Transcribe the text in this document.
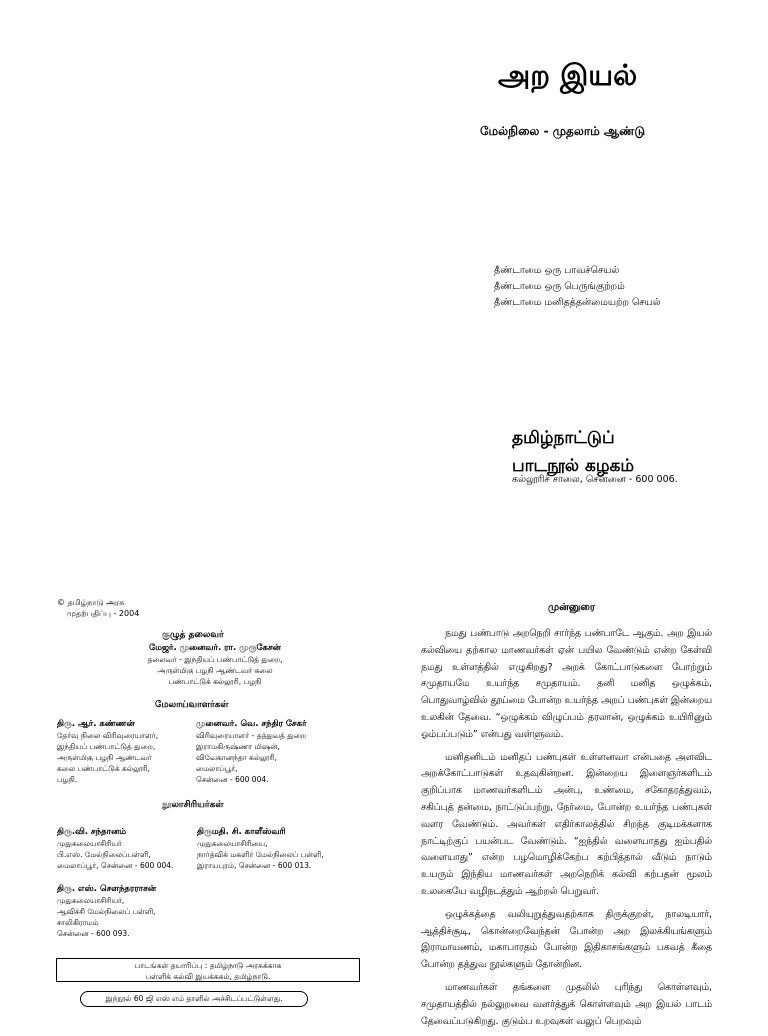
அற இயல்
மேல்நிலை - முதலாம் ஆண்டு
தீண்டாமை ஒரு பாவச்செயல்
தீண்டாமை ஒரு பெருங்குற்றம்
தீண்டாமை மனிதத்தன்மையற்ற செயல்
தமிழ்நாட்டுப்
பாடநூல் கழகம்
கல்லூரிச் சாலை, சென்னை - 600 006.
© தமிழ்நாடு அரசு
முதற்பதிப்பு - 2004
குழுத் தலைவர்
மேஜர். முனைவர். ரா. முருகேசன்
தலைவர் - இந்தியப் பண்பாட்டுத் துறை,
அருள்மிகு பழநி ஆண்டவர் கலை
பண்பாட்டுக் கல்லூரி, பழநி
மேலாய்வாளர்கள்
திரு. ஆர். கண்ணன்
தேர்வு நிலை விரிவுரையாளர்,
இந்தியப் பண்பாட்டுத் துறை,
அருள்மிகு பழநி ஆண்டவர்
கலை பண்பாட்டுக் கல்லூரி,
பழநி.
முனைவர். வெ. சந்திர சேகர்
விரிவுரையாளர் - தத்துவத் துறை
இராமகிருஷ்ணா மிஷன்,
விவேகானந்தா கல்லூரி,
மைலாப்பூர்,
சென்னை - 600 004.
நூலாசிரியர்கள்
திரு.வி. சந்தானம்
முதுகலையாசிரியர்
பி.எஸ். மேல்நிலைப்பள்ளி,
மைலாப்பூர், சென்னை - 600 004.
திருமதி. சி. காளீஸ்வரி
முதுகலையாசிரியை,
நார்த்விக் மகளிர் மேல்நிலைப் பள்ளி,
இராயபுரம், சென்னை - 600 013.
திரு. எஸ். சௌந்தரராசன்
முதுகலையாசிரியர்,
ஆவிச்சி மேல்நிலைப் பள்ளி,
சாலிகிராமம்
சென்னை - 600 093.
பாடங்கள் தயாரிப்பு : தமிழ்நாடு அரசுக்காக
பள்ளிக் கல்வி இயக்ககம், தமிழ்நாடு.
இந்நூல் 60 ஜி எஸ் எம் தாளில் அச்சிடப்பட்டுள்ளது.
முன்னுரை

நமது பண்பாடு அறநெறி சார்ந்த பண்பாடே ஆகும். அற இயல் கல்வியை தற்கால மாணவர்கள் ஏன் பயில வேண்டும் என்ற கேள்வி நமது உள்ளத்தில் எழுகிறது? அறக் கோட்பாடுகளை போற்றும் சமுதாயமே உயர்ந்த சமுதாயம். தனி மனித ஒழுக்கம், பொதுவாழ்வில் தூய்மை போன்ற உயர்ந்த அறப் பண்புகள் இன்றைய உலகின் தேவை. “ஒழுக்கம் விழுப்பம் தரலான், ஒழுக்கம் உயிரினும் ஓம்பப்படும்” என்பது வள்ளுவம்.

மனிதனிடம் மனிதப் பண்புகள் உள்ளனவா என்பதை அளவிட அறக்கோட்பாடுகள் உதவுகின்றன. இன்றைய இளைஞர்களிடம் குறிப்பாக மாணவர்களிடம் அன்பு, உண்மை, சகோதரத்துவம், சகிப்புத் தன்மை, நாட்டுப்பற்று, நேர்மை, போன்ற உயர்ந்த பண்புகள் வளர வேண்டும். அவர்கள் எதிர்காலத்தில் சிறந்த குடிமக்களாக நாட்டிற்குப் பயன்பட வேண்டும். “ஐந்தில் வளையாதது ஐம்பதில் வளையாது” என்ற பழமொழிக்கேற்ப கற்பித்தால் வீடும் நாடும் உயரும் இந்திய மாணவர்கள் அறநெறிக் கல்வி கற்பதன் மூலம் உலகையே வழிநடத்தும் ஆற்றல் பெறுவர்.

ஒழுக்கத்தை வலியுறுத்துவதற்காக திருக்குறள், நாலடியார், ஆத்திச்சூடி, கொன்றைவேந்தன் போன்ற அற இலக்கியங்களும் இராமாயணம், மகாபாரதம் போன்ற இதிகாசங்களும் பகவத் கீதை போன்ற தத்துவ நூல்களும் தோன்றின.

மாணவர்கள் தங்களை முதலில் புரிந்து கொள்ளவும், சமுதாயத்தில் நல்லுறவை வளர்த்துக் கொள்ளவும் அற இயல் பாடம் தேவைப்படுகிறது. குடும்ப உறவுகள் வலுப் பெறவும்
